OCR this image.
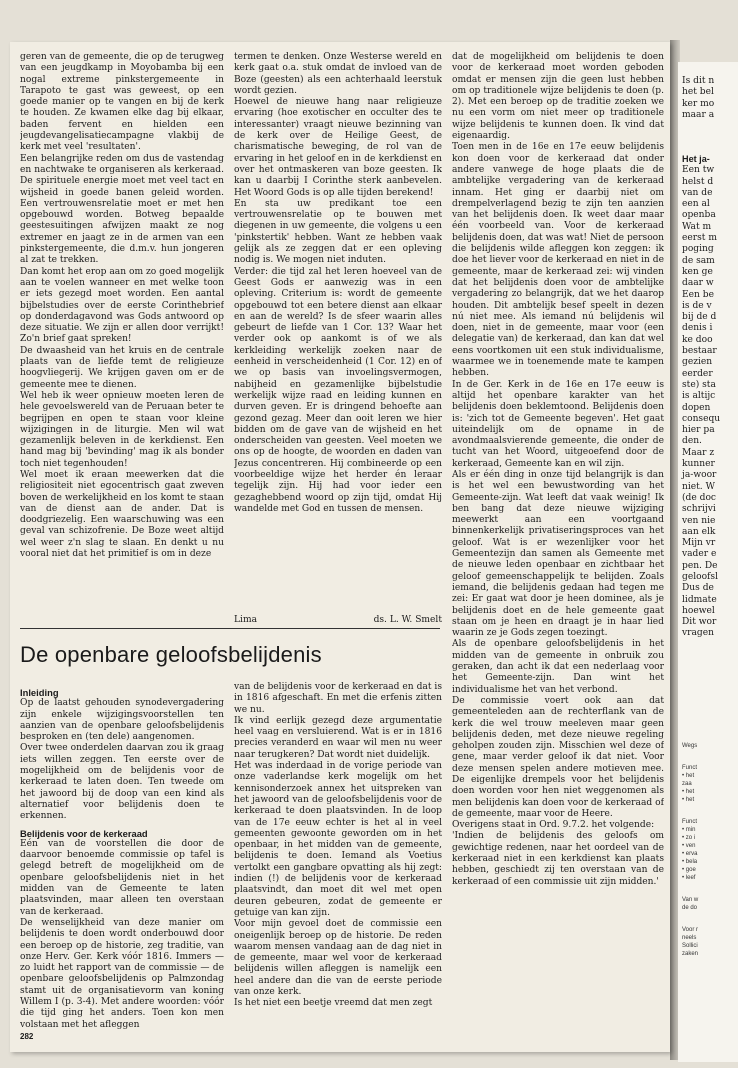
geren van de gemeente, die op de terugweg van een jeugdkamp in Moyobamba bij een nogal extreme pinkstergemeente in Tarapoto te gast was geweest, op een goede manier op te vangen en bij de kerk te houden. Ze kwamen elke dag bij elkaar, baden fervent en hielden een jeugdevangelisatiecampagne vlakbij de kerk met veel 'resultaten'.

Een belangrijke reden om dus de vastendag en nachtwake te organiseren als kerkeraad. De spirituele energie moet met veel tact en wijsheid in goede banen geleid worden. Een vertrouwensrelatie moet er met hen opgebouwd worden. Botweg bepaalde geestesuitingen afwijzen maakt ze nog extremer en jaagt ze in de armen van een pinkstergemeente, die d.m.v. hun jongeren al zat te trekken.

Dan komt het erop aan om zo goed mogelijk aan te voelen wanneer en met welke toon er iets gezegd moet worden. Een aantal bijbelstudies over de eerste Corinthebrief op donderdagavond was Gods antwoord op deze situatie. We zijn er allen door verrijkt! Zo'n brief gaat spreken!

De dwaasheid van het kruis en de centrale plaats van de liefde temt de religieuze hoogvliegerij. We krijgen gaven om er de gemeente mee te dienen.

Wel heb ik weer opnieuw moeten leren de hele gevoelswereld van de Peruaan beter te begrijpen en open te staan voor kleine wijzigingen in de liturgie. Men wil wat gezamenlijk beleven in de kerkdienst. Een hand mag bij 'bevinding' mag ik als bonder toch niet tegenhouden!

Wel moet ik eraan meewerken dat die religiositeit niet egocentrisch gaat zweven boven de werkelijkheid en los komt te staan van de dienst aan de ander. Dat is doodgriezelig. Een waarschuwing was een geval van schizofrenie. De Boze weet altijd wel weer z'n slag te slaan. En denkt u nu vooral niet dat het primitief is om in deze

termen te denken. Onze Westerse wereld en kerk gaat o.a. stuk omdat de invloed van de Boze (geesten) als een achterhaald leerstuk wordt gezien.

Hoewel de nieuwe hang naar religieuze ervaring (hoe exotischer en occulter des te interessanter) vraagt nieuwe bezinning van de kerk over de Heilige Geest, de charismatische beweging, de rol van de ervaring in het geloof en in de kerkdienst en over het ontmaskeren van boze geesten. Ik kan u daarbij I Corinthe sterk aanbevelen. Het Woord Gods is op alle tijden berekend!

En sta uw predikant toe een vertrouwensrelatie op te bouwen met diegenen in uw gemeente, die volgens u een 'pinkstertik' hebben. Want ze hebben vaak gelijk als ze zeggen dat er een opleving nodig is. We mogen niet induten.

Verder: die tijd zal het leren hoeveel van de Geest Gods er aanwezig was in een opleving. Criterium is: wordt de gemeente opgebouwd tot een betere dienst aan elkaar en aan de wereld? Is de sfeer waarin alles gebeurt de liefde van 1 Cor. 13? Waar het verder ook op aankomt is of we als kerkleiding werkelijk zoeken naar de eenheid in verscheidenheid (1 Cor. 12) en of we op basis van invoelingsvermogen, nabijheid en gezamenlijke bijbelstudie werkelijk wijze raad en leiding kunnen en durven geven. Er is dringend behoefte aan gezond gezag. Meer dan ooit leren we hier bidden om de gave van de wijsheid en het onderscheiden van geesten. Veel moeten we ons op de hoogte, de woorden en daden van Jezus concentreren. Hij combineerde op een voorbeeldige wijze het herder én leraar tegelijk zijn. Hij had voor ieder een gezaghebbend woord op zijn tijd, omdat Hij wandelde met God en tussen de mensen.

Lima	ds. L. W. Smelt
De openbare geloofsbelijdenis
Inleiding

Op de laatst gehouden synodevergadering zijn enkele wijzigingsvoorstellen ten aanzien van de openbare geloofsbelijdenis besproken en (ten dele) aangenomen.

Over twee onderdelen daarvan zou ik graag iets willen zeggen. Ten eerste over de mogelijkheid om de belijdenis voor de kerkeraad te laten doen. Ten tweede om het jawoord bij de doop van een kind als alternatief voor belijdenis doen te erkennen.

Belijdenis voor de kerkeraad

Eén van de voorstellen die door de daarvoor benoemde commissie op tafel is gelegd betreft de mogelijkheid om de openbare geloofsbelijdenis niet in het midden van de Gemeente te laten plaatsvinden, maar alleen ten overstaan van de kerkeraad.

De wenselijkheid van deze manier om belijdenis te doen wordt onderbouwd door een beroep op de historie, zeg traditie, van onze Herv. Ger. Kerk vóór 1816. Immers — zo luidt het rapport van de commissie — de openbare geloofsbelijdenis op Palmzondag stamt uit de organisatievorm van koning Willem I (p. 3-4). Met andere woorden: vóór die tijd ging het anders. Toen kon men volstaan met het afleggen

van de belijdenis voor de kerkeraad en dat is in 1816 afgeschaft. En met die erfenis zitten we nu.

Ik vind eerlijk gezegd deze argumentatie heel vaag en versluierend. Wat is er in 1816 precies veranderd en waar wil men nu weer naar terugkeren? Dat wordt niet duidelijk.

Het was inderdaad in de vorige periode van onze vaderlandse kerk mogelijk om het kennisonderzoek annex het uitspreken van het jawoord van de geloofsbelijdenis voor de kerkeraad te doen plaatsvinden. In de loop van de 17e eeuw echter is het al in veel gemeenten gewoonte geworden om in het openbaar, in het midden van de gemeente, belijdenis te doen. Iemand als Voetius vertolkt een gangbare opvatting als hij zegt: indien (!) de belijdenis voor de kerkeraad plaatsvindt, dan moet dit wel met open deuren gebeuren, zodat de gemeente er getuige van kan zijn.

Voor mijn gevoel doet de commissie een oneigenlijk beroep op de historie. De reden waarom mensen vandaag aan de dag niet in de gemeente, maar wel voor de kerkeraad belijdenis willen afleggen is namelijk een heel andere dan die van de eerste periode van onze kerk.

Is het niet een beetje vreemd dat men zegt

dat de mogelijkheid om belijdenis te doen voor de kerkeraad moet worden geboden omdat er mensen zijn die geen lust hebben om op traditionele wijze belijdenis te doen (p. 2). Met een beroep op de traditie zoeken we nu een vorm om niet meer op traditionele wijze belijdenis te kunnen doen. Ik vind dat eigenaardig.

Toen men in de 16e en 17e eeuw belijdenis kon doen voor de kerkeraad dat onder andere vanwege de hoge plaats die de ambtelijke vergadering van de kerkeraad innam. Het ging er daarbij niet om drempelverlagend bezig te zijn ten aanzien van het belijdenis doen. Ik weet daar maar één voorbeeld van. Voor de kerkeraad belijdenis doen, dat was wat! Niet de persoon die belijdenis wilde afleggen kon zeggen: ik doe het liever voor de kerkeraad en niet in de gemeente, maar de kerkeraad zei: wij vinden dat het belijdenis doen voor de ambtelijke vergadering zo belangrijk, dat we het daarop houden. Dit ambtelijk besef speelt in dezen nú niet mee. Als iemand nú belijdenis wil doen, niet in de gemeente, maar voor (een delegatie van) de kerkeraad, dan kan dat wel eens voortkomen uit een stuk individualisme, waarmee we in toenemende mate te kampen hebben.

In de Ger. Kerk in de 16e en 17e eeuw is altijd het openbare karakter van het belijdenis doen beklemtoond. Belijdenis doen is: 'zich tot de Gemeente begeven'. Het gaat uiteindelijk om de opname in de avondmaalsvierende gemeente, die onder de tucht van het Woord, uitgeoefend door de kerkeraad, Gemeente kan en wil zijn.

Als er één ding in onze tijd belangrijk is dan is het wel een bewustwording van het Gemeente-zijn. Wat leeft dat vaak weinig! Ik ben bang dat deze nieuwe wijziging meewerkt aan een voortgaand binnenkerkelijk privatiseringsproces van het geloof. Wat is er wezenlijker voor het Gemeentezijn dan samen als Gemeente met de nieuwe leden openbaar en zichtbaar het geloof gemeenschappelijk te belijden. Zoals iemand, die belijdenis gedaan had tegen me zei: Er gaat wat door je heen dominee, als je belijdenis doet en de hele gemeente gaat staan om je heen en draagt je in haar lied waarin ze je Gods zegen toezingt.

Als de openbare geloofsbelijdenis in het midden van de gemeente in onbruik zou geraken, dan acht ik dat een nederlaag voor het Gemeente-zijn. Dan wint het individualisme het van het verbond.

De commissie voert ook aan dat gemeenteleden aan de rechterflank van de kerk die wel trouw meeleven maar geen belijdenis deden, met deze nieuwe regeling geholpen zouden zijn. Misschien wel deze of gene, maar verder geloof ik dat niet. Voor deze mensen spelen andere motieven mee. De eigenlijke drempels voor het belijdenis doen worden voor hen niet weggenomen als men belijdenis kan doen voor de kerkeraad of de gemeente, maar voor de Heere.

Overigens staat in Ord. 9.7.2. het volgende:

'Indien de belijdenis des geloofs om gewichtige redenen, naar het oordeel van de kerkeraad niet in een kerkdienst kan plaats hebben, geschiedt zij ten overstaan van de kerkeraad of een commissie uit zijn midden.'

282

Is dit n

het bel

ker mo

maar a

Het ja-

Een tw

helst d

van de

een al

openba

Wat m

eerst m

poging

de sam

ken ge

daar w

Een be

is de v

bij de d

denis i

ke doo

bestaar

gezien

eerder

ste) sta

is altijc

dopen

consequ

hier pa

den.

Maar z

kunner

ja-woor

niet. W

(de doc

schrijvi

ven nie

aan elk

Mijn vr

vader e

pen. De

geloofsl

Dus de

lidmate

hoewel

Dit wor

vragen

Wegs

Funct

• het

zaa

• het

• het

Funct

• min

• zo i

• ven

• erva

• bela

• goe

• leef

Van w

de do

Voor r

neels

Sollici

zaken
